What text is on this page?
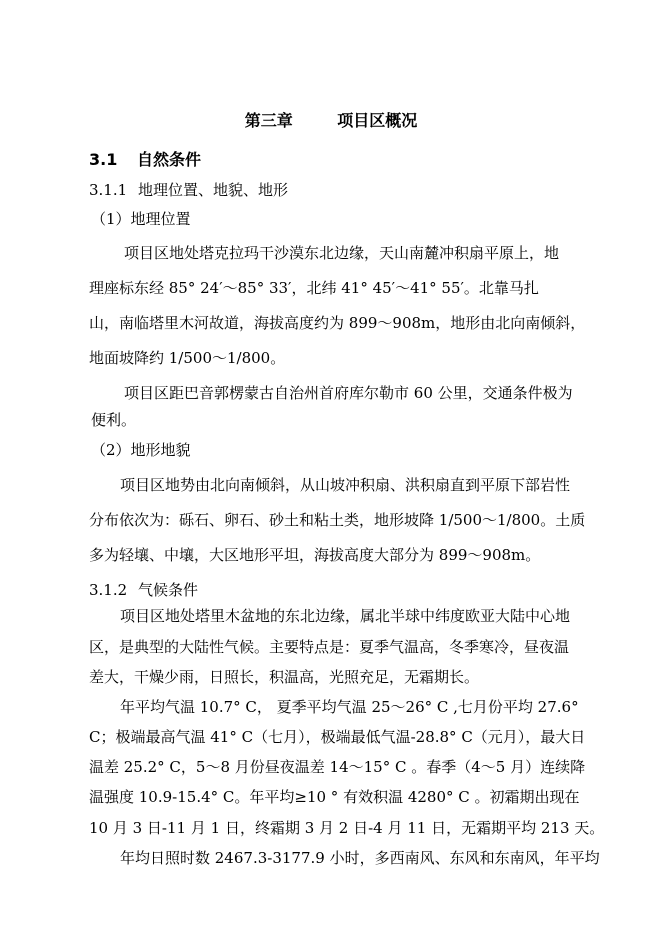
第三章        项目区概况
3.1 自然条件
3.1.1 地理位置、地貌、地形
（1）地理位置
项目区地处塔克拉玛干沙漠东北边缘，天山南麓冲积扇平原上，地
理座标东经 85° 24′～85° 33′，北纬 41° 45′～41° 55′。北靠马扎
山，南临塔里木河故道，海拔高度约为 899～908m，地形由北向南倾斜，
地面坡降约 1/500～1/800。
项目区距巴音郭楞蒙古自治州首府库尔勒市 60 公里，交通条件极为
便利。
（2）地形地貌
项目区地势由北向南倾斜，从山坡冲积扇、洪积扇直到平原下部岩性
分布依次为：砾石、卵石、砂土和粘土类，地形坡降 1/500～1/800。土质
多为轻壤、中壤，大区地形平坦，海拔高度大部分为 899～908m。
3.1.2 气候条件
项目区地处塔里木盆地的东北边缘，属北半球中纬度欧亚大陆中心地
区，是典型的大陆性气候。主要特点是：夏季气温高，冬季寒冷，昼夜温
差大，干燥少雨，日照长，积温高，光照充足，无霜期长。
年平均气温 10.7° C， 夏季平均气温 25～26° C ,七月份平均 27.6°
C；极端最高气温 41° C（七月），极端最低气温-28.8° C（元月），最大日
温差 25.2° C，5～8 月份昼夜温差 14～15° C 。春季（4～5 月）连续降
温强度 10.9-15.4° C。年平均≥10 ° 有效积温 4280° C 。初霜期出现在
10 月 3 日-11 月 1 日，终霜期 3 月 2 日-4 月 11 日，无霜期平均 213 天。
年均日照时数 2467.3-3177.9 小时，多西南风、东风和东南风，年平均
